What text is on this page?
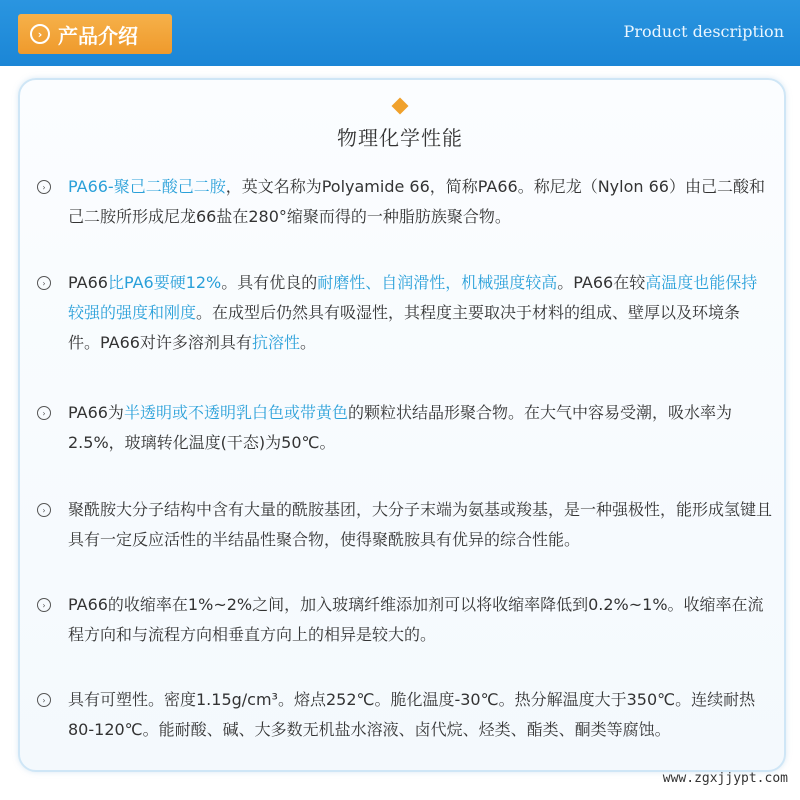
› 产品介绍	Product description
物理化学性能
›	PA66-聚己二酸己二胺，英文名称为Polyamide 66，简称PA66。称尼龙（Nylon 66）由己二酸和己二胺所形成尼龙66盐在280°缩聚而得的一种脂肪族聚合物。
›	PA66比PA6要硬12%。具有优良的耐磨性、自润滑性，机械强度较高。PA66在较高温度也能保持较强的强度和刚度。在成型后仍然具有吸湿性，其程度主要取决于材料的组成、壁厚以及环境条件。PA66对许多溶剂具有抗溶性。
›	PA66为半透明或不透明乳白色或带黄色的颗粒状结晶形聚合物。在大气中容易受潮，吸水率为2.5%，玻璃转化温度(干态)为50℃。
›	聚酰胺大分子结构中含有大量的酰胺基团，大分子末端为氨基或羧基，是一种强极性，能形成氢键且具有一定反应活性的半结晶性聚合物，使得聚酰胺具有优异的综合性能。
›	PA66的收缩率在1%~2%之间，加入玻璃纤维添加剂可以将收缩率降低到0.2%~1%。收缩率在流程方向和与流程方向相垂直方向上的相异是较大的。
›	具有可塑性。密度1.15g/cm³。熔点252℃。脆化温度-30℃。热分解温度大于350℃。连续耐热80-120℃。能耐酸、碱、大多数无机盐水溶液、卤代烷、烃类、酯类、酮类等腐蚀。
www.zgxjjypt.com
